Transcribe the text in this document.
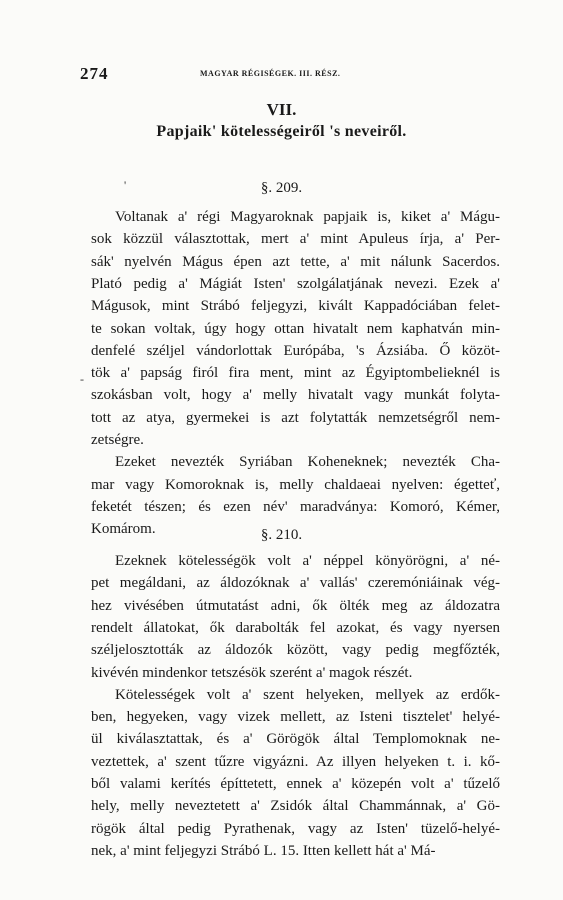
274	MAGYAR RÉGISÉGEK. III. RÉSZ.
VII.
Papjaik' kötelességeiről 's neveiről.
'
-
§. 209.
§. 210.
Voltanak a' régi Magyaroknak papjaik is, kiket a' Mágu-
sok közzül választottak, mert a' mint Apuleus írja, a' Per-
sák' nyelvén Mágus épen azt tette, a' mit nálunk Sacerdos.
Plató pedig a' Mágiát Isten' szolgálatjának nevezi. Ezek a'
Mágusok, mint Strábó feljegyzi, kivált Kappadóciában felet-
te sokan voltak, úgy hogy ottan hivatalt nem kaphatván min-
denfelé széljel vándorlottak Európába, 's Ázsiába. Ő közöt-
tök a' papság firól fira ment, mint az Égyiptombelieknél is
szokásban volt, hogy a' melly hivatalt vagy munkát folyta-
tott az atya, gyermekei is azt folytatták nemzetségről nem-
zetségre.
Ezeket nevezték Syriában Koheneknek; nevezték Cha-
mar vagy Komoroknak is, melly chaldaeai nyelven: égetteť,
feketét tészen; és ezen név' maradványa: Komoró, Kémer,
Komárom.
Ezeknek kötelességök volt a' néppel könyörögni, a' né-
pet megáldani, az áldozóknak a' vallás' czeremóniáinak vég-
hez vivésében útmutatást adni, ők ölték meg az áldozatra
rendelt állatokat, ők darabolták fel azokat, és vagy nyersen
széljelosztották az áldozók között, vagy pedig megfőzték,
kivévén mindenkor tetszésök szerént a' magok részét.
Kötelességek volt a' szent helyeken, mellyek az erdők-
ben, hegyeken, vagy vizek mellett, az Isteni tisztelet' helyé-
ül kiválasztattak, és a' Görögök által Templomoknak ne-
veztettek, a' szent tűzre vigyázni. Az illyen helyeken t. i. kő-
ből valami kerítés építtetett, ennek a' közepén volt a' tűzelő
hely, melly neveztetett a' Zsidók által Chammánnak, a' Gö-
rögök által pedig Pyrathenak, vagy az Isten' tüzelő-helyé-
nek, a' mint feljegyzi Strábó L. 15. Itten kellett hát a' Má-
